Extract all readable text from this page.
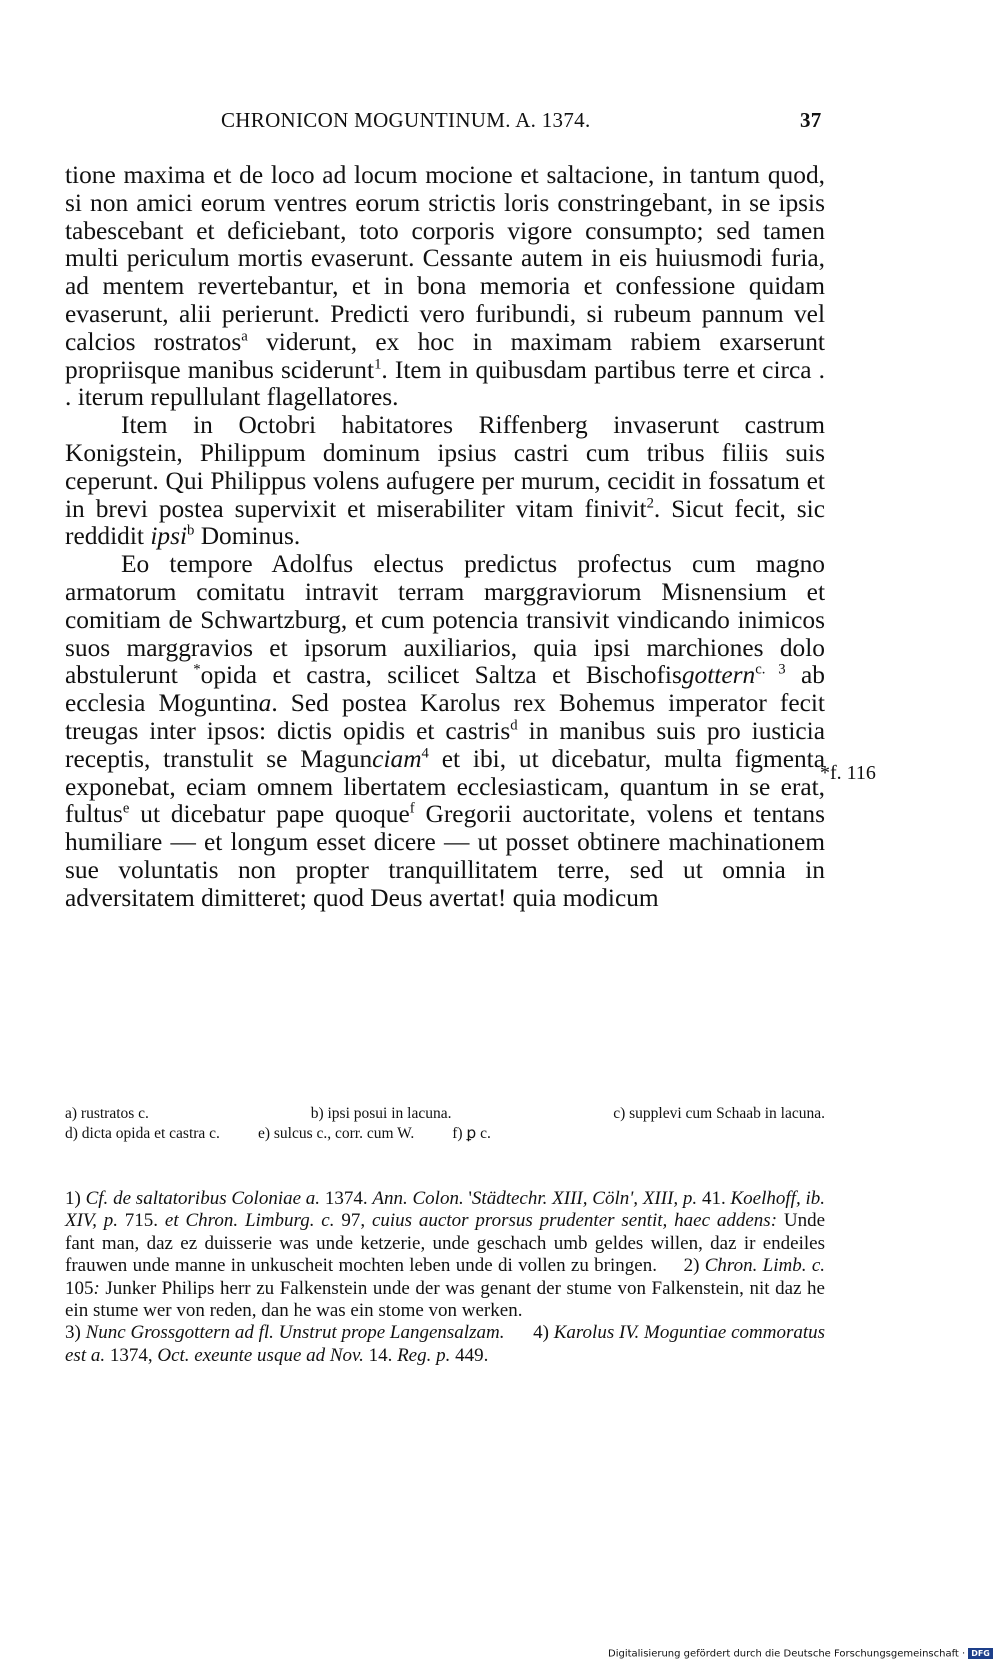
CHRONICON MOGUNTINUM. A. 1374.	37

tione maxima et de loco ad locum mocione et saltacione, in tantum quod, si non amici eorum ventres eorum strictis loris constringebant, in se ipsis tabescebant et deficiebant, toto corporis vigore consumpto; sed tamen multi periculum mortis evaserunt. Cessante autem in eis huiusmodi furia, ad mentem revertebantur, et in bona memoria et confessione quidam evaserunt, alii perierunt. Predicti vero furibundi, si rubeum pannum vel calcios rostratos$^a$ viderunt, ex hoc in maximam rabiem exarserunt propriisque manibus sciderunt$^1$. Item in quibusdam partibus terre et circa . . iterum repullulant flagellatores.

Item in Octobri habitatores Riffenberg invaserunt castrum Konigstein, Philippum dominum ipsius castri cum tribus filiis suis ceperunt. Qui Philippus volens aufugere per murum, cecidit in fossatum et in brevi postea supervixit et miserabiliter vitam finivit$^2$. Sicut fecit, sic reddidit ipsi$^b$ Dominus.

Eo tempore Adolfus electus predictus profectus cum magno armatorum comitatu intravit terram marggraviorum Misnensium et comitiam de Schwartzburg, et cum potencia transivit vindicando inimicos suos marggravios et ipsorum auxiliarios, quia ipsi marchiones dolo abstulerunt *opida et castra, scilicet Saltza et Bischofisgottern$^{c. 3}$ ab ecclesia Moguntina. Sed postea Karolus rex Bohemus imperator fecit treugas inter ipsos: dictis opidis et castris$^d$ in manibus suis pro iusticia receptis, transtulit se Magunciam$^4$ et ibi, ut dicebatur, multa figmenta exponebat, eciam omnem libertatem ecclesiasticam, quantum in se erat, fultus$^e$ ut dicebatur pape quoque$^f$ Gregorii auctoritate, volens et tentans humiliare — et longum esset dicere — ut posset obtinere machinationem sue voluntatis non propter tranquillitatem terre, sed ut omnia in adversitatem dimitteret; quod Deus avertat! quia modicum

*f. 116
a) rustratos c.	b) ipsi posui in lacuna.	c) supplevi cum Schaab in lacuna.
d) dicta opida et castra c. e) sulcus c., corr. cum W. f) ꝑ c.

1) Cf. de saltatoribus Coloniae a. 1374. Ann. Colon. 'Städtechr. XIII, Cöln', XIII, p. 41. Koelhoff, ib. XIV, p. 715. et Chron. Limburg. c. 97, cuius auctor prorsus prudenter sentit, haec addens: Unde fant man, daz ez duisserie was unde ketzerie, unde geschach umb geldes willen, daz ir endeiles frauwen unde manne in unkuscheit mochten leben unde di vollen zu bringen. 2) Chron. Limb. c. 105: Junker Philips herr zu Falkenstein unde der was genant der stume von Falkenstein, nit daz he ein stume wer von reden, dan he was ein stome von werken.
3) Nunc Grossgottern ad fl. Unstrut prope Langensalzam. 4) Karolus IV. Moguntiae commoratus est a. 1374, Oct. exeunte usque ad Nov. 14. Reg. p. 449.

Digitalisierung gefördert durch die Deutsche Forschungsgemeinschaft · DFG
